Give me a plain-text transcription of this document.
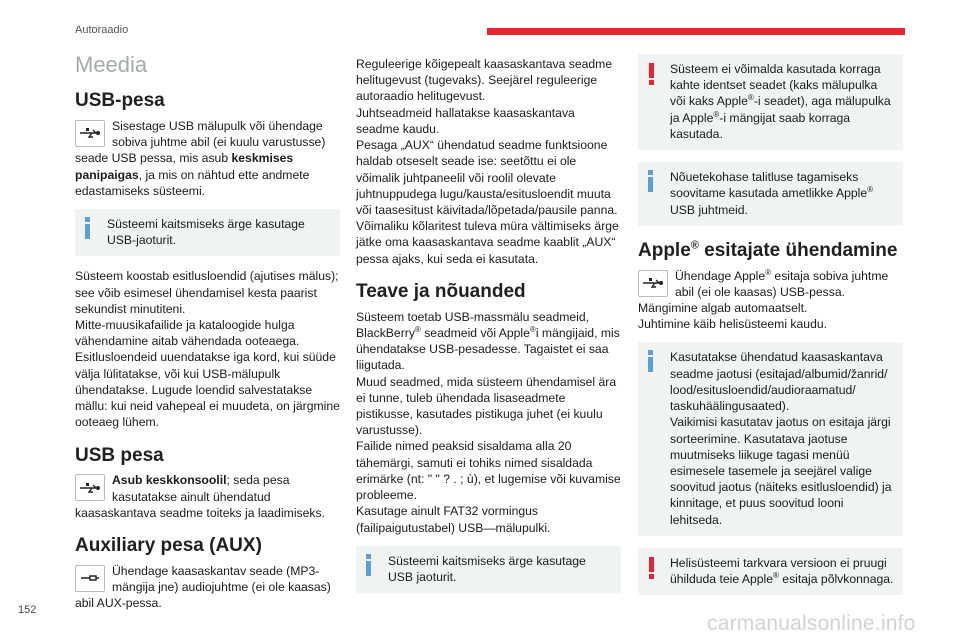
Autoraadio
Meedia
USB-pesa

Sisestage USB mälupulk või ühendage sobiva juhtme abil (ei kuulu varustusse) seade USB pessa, mis asub keskmises panipaigas, ja mis on nähtud ette andmete edastamiseks süsteemi.

Süsteemi kaitsmiseks ärge kasutage USB-jaoturit.

Süsteem koostab esitlusloendid (ajutises mälus); see võib esimesel ühendamisel kesta paarist sekundist minutiteni.

Mitte-muusikafailide ja kataloogide hulga vähendamine aitab vähendada ooteaega.

Esitlusloendeid uuendatakse iga kord, kui süüde välja lülitatakse, või kui USB-mälupulk ühendatakse. Lugude loendid salvestatakse mällu: kui neid vahepeal ei muudeta, on järgmine ooteaeg lühem.

USB pesa

Asub keskkonsoolil; seda pesa kasutatakse ainult ühendatud kaasaskantava seadme toiteks ja laadimiseks.

Auxiliary pesa (AUX)

Ühendage kaasaskantav seade (MP3-mängija jne) audiojuhtme (ei ole kaasas) abil AUX-pessa.

Reguleerige kõigepealt kaasaskantava seadme helitugevust (tugevaks). Seejärel reguleerige autoraadio helitugevust.

Juhtseadmeid hallatakse kaasaskantava seadme kaudu.

Pesaga „AUX“ ühendatud seadme funktsioone haldab otseselt seade ise: seetõttu ei ole võimalik juhtpaneelil või roolil olevate juhtnuppudega lugu/kausta/esitusloendit muuta või taasesitust käivitada/lõpetada/pausile panna.

Võimaliku kõlaritest tuleva müra vältimiseks ärge jätke oma kaasaskantava seadme kaablit „AUX“ pessa ajaks, kui seda ei kasutata.

Teave ja nõuanded

Süsteem toetab USB-massmälu seadmeid, BlackBerry® seadmeid või Apple®i mängijaid, mis ühendatakse USB-pesadesse. Tagaistet ei saa liigutada.

Muud seadmed, mida süsteem ühendamisel ära ei tunne, tuleb ühendada lisaseadmete pistikusse, kasutades pistikuga juhet (ei kuulu varustusse).

Failide nimed peaksid sisaldama alla 20 tähemärgi, samuti ei tohiks nimed sisaldada erimärke (nt: " " ? . ; ù), et lugemise või kuvamise probleeme.

Kasutage ainult FAT32 vormingus (failipaigutustabel) USB—mälupulki.

Süsteemi kaitsmiseks ärge kasutage USB jaoturit.

Süsteem ei võimalda kasutada korraga kahte identset seadet (kaks mälupulka või kaks Apple®-i seadet), aga mälupulka ja Apple®-i mängijat saab korraga kasutada.

Nõuetekohase talitluse tagamiseks soovitame kasutada ametlikke Apple® USB juhtmeid.

Apple® esitajate ühendamine

Ühendage Apple® esitaja sobiva juhtme abil (ei ole kaasas) USB-pessa.

Mängimine algab automaatselt.

Juhtimine käib helisüsteemi kaudu.

Kasutatakse ühendatud kaasaskantava seadme jaotusi (esitajad/albumid/žanrid/ lood/esitusloendid/audioraamatud/ taskuhäälingusaated).

Vaikimisi kasutatav jaotus on esitaja järgi sorteerimine. Kasutatava jaotuse muutmiseks liikuge tagasi menüü esimesele tasemele ja seejärel valige soovitud jaotus (näiteks esitlusloendid) ja kinnitage, et puus soovitud looni lehitseda.

Helisüsteemi tarkvara versioon ei pruugi ühilduda teie Apple® esitaja põlvkonnaga.

152
carmanualsonline.info
